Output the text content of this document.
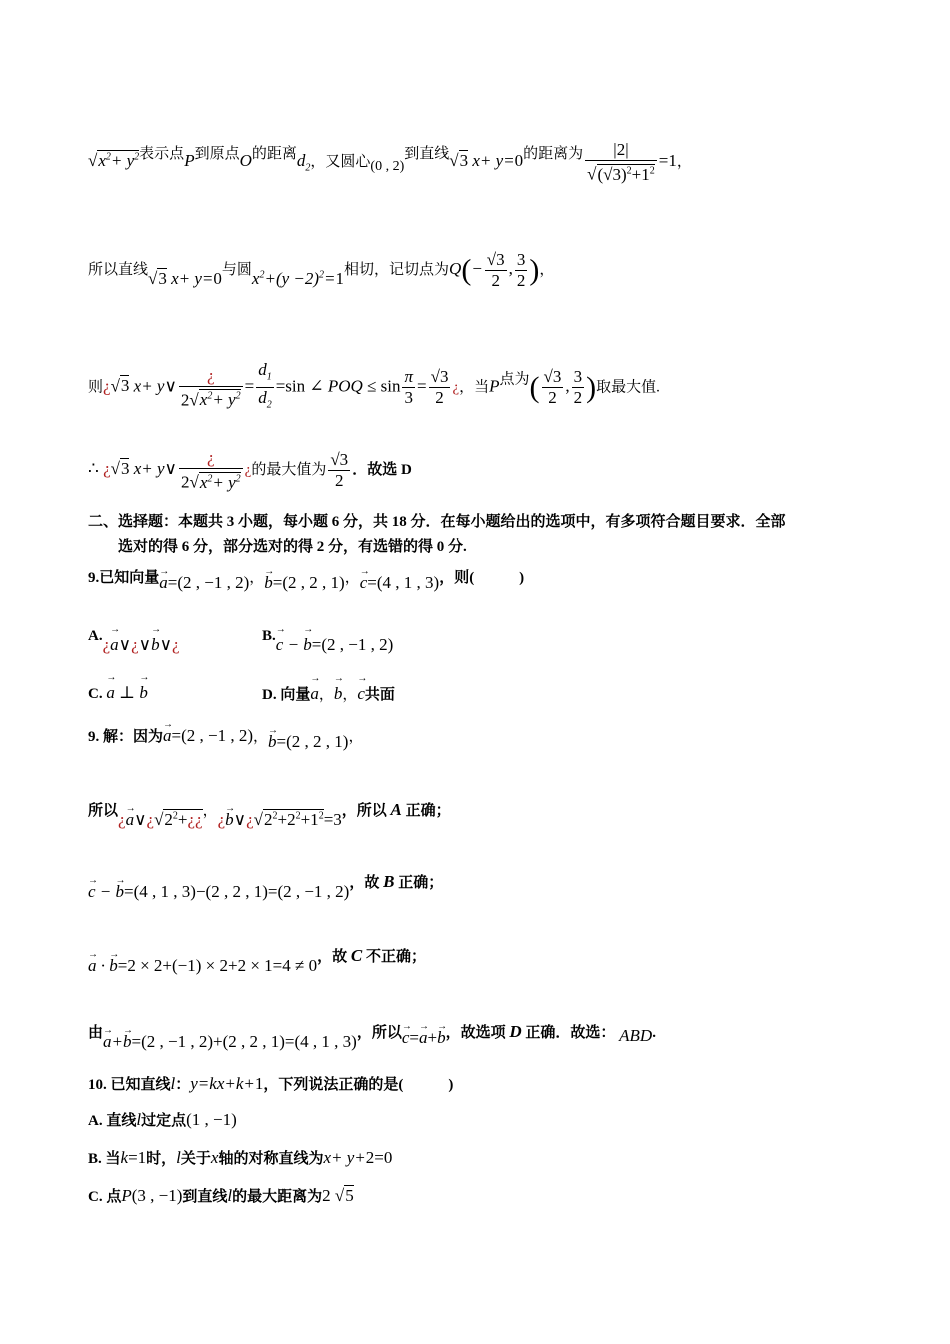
$√x^2+ y^2$表示点P到原点O的距离$d_2$，又圆心(0 , 2)到直线√3 x+ y=0的距离为 $\frac{|2|}{√(√3)^2+1^2} =1$，
所以直线√3 x+ y=0与圆$x^2+(y -2)^2=1$相切，记切点为$Q(- \frac{√3}{2}$ , $\frac{3}{2}$ )，
则¿√3 x+ y∨ $\frac{¿}{2√x^2+ y^2} = \frac{d_1}{d_2} =\sin$ ∠ POQ ≤ $\sin \frac{\pi}{3} = \frac{√3}{2}$ ¿，当P点为( $\frac{√3}{2}$ , $\frac{3}{2}$ )取最大值.
∴ ¿√3 x+ y∨ $\frac{¿}{2√x^2+ y^2}$ ¿的最大值为 $\frac{√3}{2}$ ．故选 D
二、选择题：本题共 3 小题，每小题 6 分，共 18 分．在每小题给出的选项中，有多项符合题目要求．全部
选对的得 6 分，部分选对的得 2 分，有选错的得 0 分.
9.已知向量→ a=(2 , −1 , 2)，→ b=(2 , 2 , 1)，→ c=(4 , 1 , 3)，则(　　　)
A.¿→ a∨¿∨→ b∨¿	B.→ c − → b=(2 , −1 , 2)
C. → a ⊥ → b	D. 向量→ a，→ b，→ c共面
9. 解：因为→ a=(2 , −1 , 2)，→ b=(2 , 2 , 1)，
所以¿→ $a\vee¿√2^2+¿¿$，¿→ $b\vee¿√2^2+2^2+1^2=3$，所以 A 正确；
→ c − → b=(4 , 1 , 3)−(2 , 2 , 1)=(2 , −1 , 2)，故 B 正确；
→ a · → b=2 × 2+(−1) × 2+2 × 1=4 ≠ 0，故 C 不正确；
由→ a+→ b=(2 , −1 , 2)+(2 , 2 , 1)=(4 , 1 , 3)，所以→ c=→ a+→ b，故选项 D 正确．故选： ABD.
10. 已知直线l：y=kx+k+1，下列说法正确的是(　　　)
A. 直线l过定点(1 , −1)
B. 当k=1时，l关于x轴的对称直线为x+ y+2=0
C. 点P(3 , −1)到直线l的最大距离为2 √5
